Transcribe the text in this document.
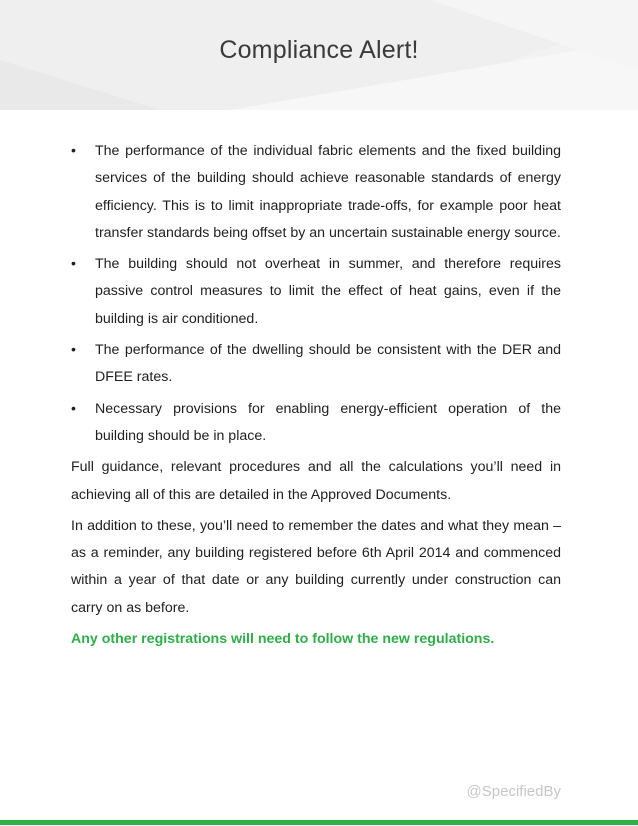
Compliance Alert!
•	The performance of the individual fabric elements and the fixed building services of the building should achieve reasonable standards of energy efficiency. This is to limit inappropriate trade-offs, for example poor heat transfer standards being offset by an uncertain sustainable energy source.
•	The building should not overheat in summer, and therefore requires passive control measures to limit the effect of heat gains, even if the building is air conditioned.
•	The performance of the dwelling should be consistent with the DER and DFEE rates.
•	Necessary provisions for enabling energy-efficient operation of the building should be in place.

Full guidance, relevant procedures and all the calculations you’ll need in achieving all of this are detailed in the Approved Documents.

In addition to these, you’ll need to remember the dates and what they mean – as a reminder, any building registered before 6th April 2014 and commenced within a year of that date or any building currently under construction can carry on as before.

Any other registrations will need to follow the new regulations.

@SpecifiedBy
